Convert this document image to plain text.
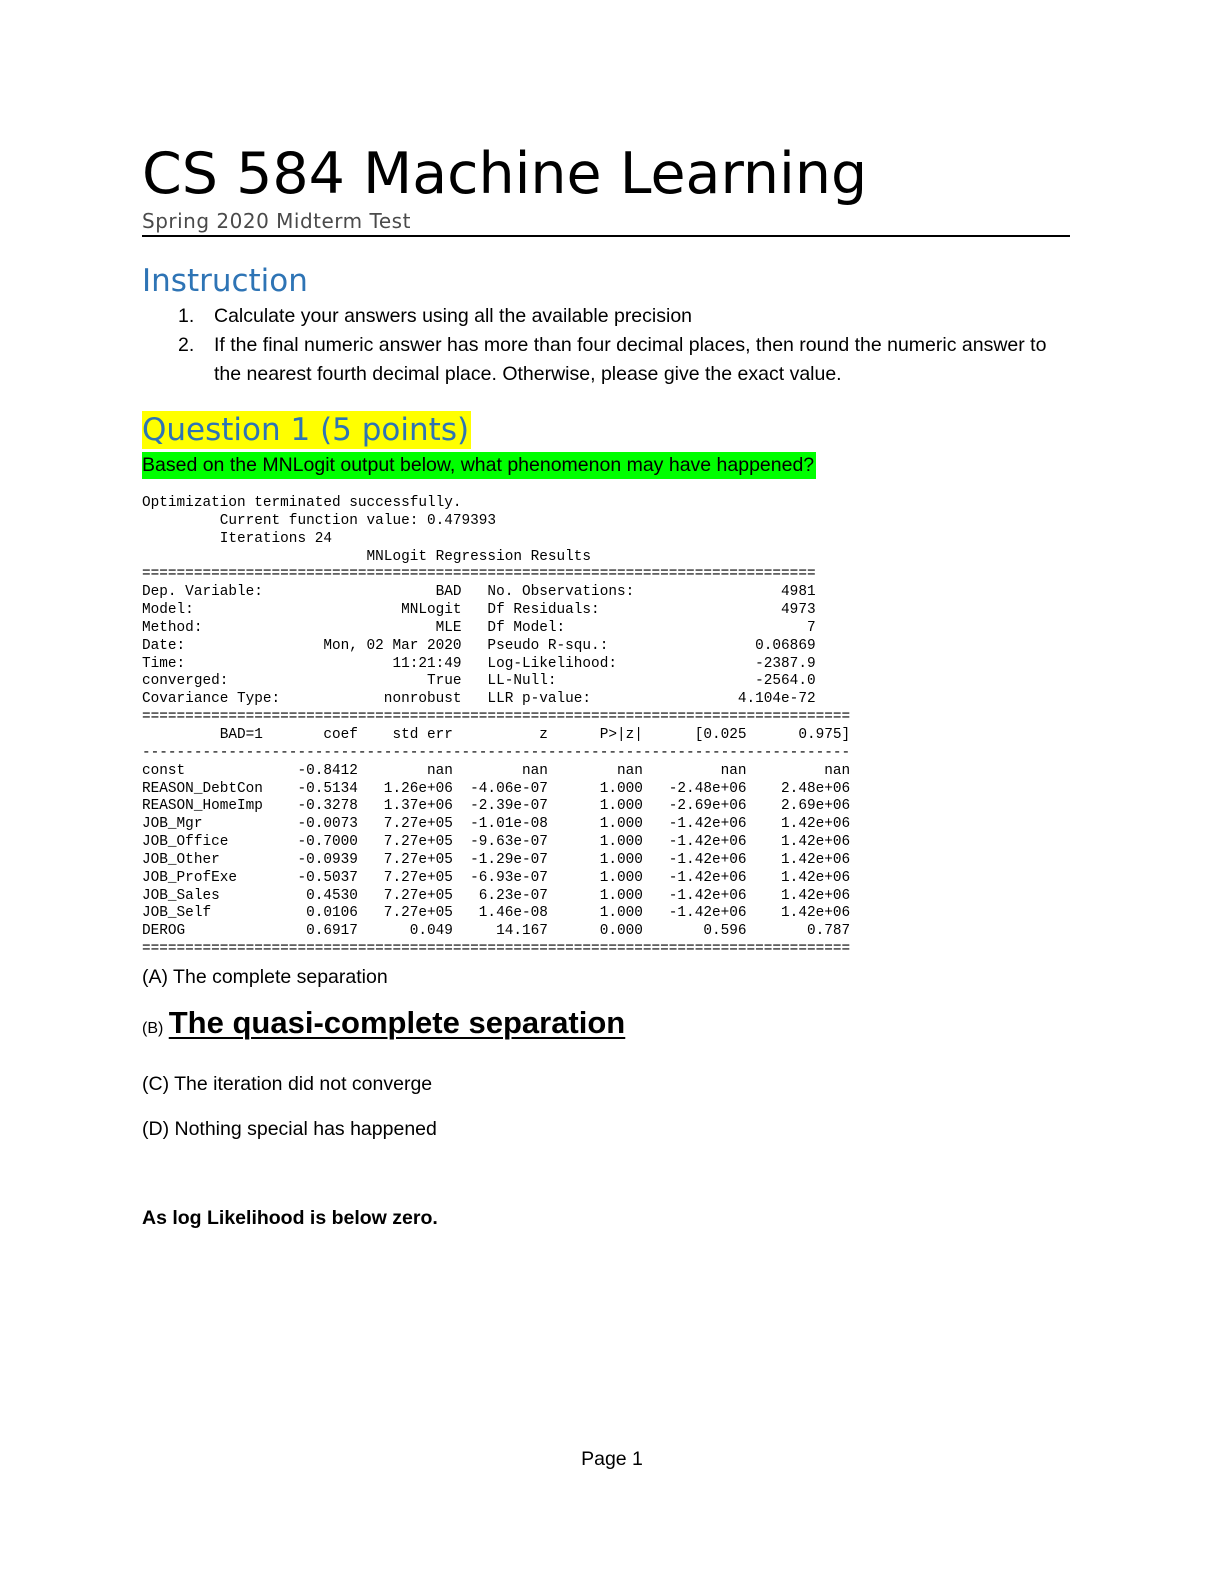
CS 584 Machine Learning
Spring 2020 Midterm Test
Instruction
1. Calculate your answers using all the available precision
2. If the final numeric answer has more than four decimal places, then round the numeric answer to the nearest fourth decimal place. Otherwise, please give the exact value.
Question 1 (5 points)
Based on the MNLogit output below, what phenomenon may have happened?
Optimization terminated successfully.
Current function value: 0.479393
Iterations 24
MNLogit Regression Results
==============================================================================
Dep. Variable:                    BAD   No. Observations:                 4981
Model:                        MNLogit   Df Residuals:                     4973
Method:                           MLE   Df Model:                            7
Date:                Mon, 02 Mar 2020   Pseudo R-squ.:                 0.06869
Time:                        11:21:49   Log-Likelihood:                -2387.9
converged:                       True   LL-Null:                       -2564.0
Covariance Type:            nonrobust   LLR p-value:                 4.104e-72
==================================================================================
BAD=1       coef    std err          z      P>|z|      [0.025      0.975]
----------------------------------------------------------------------------------
const             -0.8412        nan        nan        nan         nan         nan
REASON_DebtCon    -0.5134   1.26e+06  -4.06e-07      1.000   -2.48e+06    2.48e+06
REASON_HomeImp    -0.3278   1.37e+06  -2.39e-07      1.000   -2.69e+06    2.69e+06
JOB_Mgr           -0.0073   7.27e+05  -1.01e-08      1.000   -1.42e+06    1.42e+06
JOB_Office        -0.7000   7.27e+05  -9.63e-07      1.000   -1.42e+06    1.42e+06
JOB_Other         -0.0939   7.27e+05  -1.29e-07      1.000   -1.42e+06    1.42e+06
JOB_ProfExe       -0.5037   7.27e+05  -6.93e-07      1.000   -1.42e+06    1.42e+06
JOB_Sales          0.4530   7.27e+05   6.23e-07      1.000   -1.42e+06    1.42e+06
JOB_Self           0.0106   7.27e+05   1.46e-08      1.000   -1.42e+06    1.42e+06
DEROG              0.6917      0.049     14.167      0.000       0.596       0.787
==================================================================================
(A) The complete separation
(B) The quasi-complete separation
(C) The iteration did not converge
(D) Nothing special has happened
As log Likelihood is below zero.
Page 1
